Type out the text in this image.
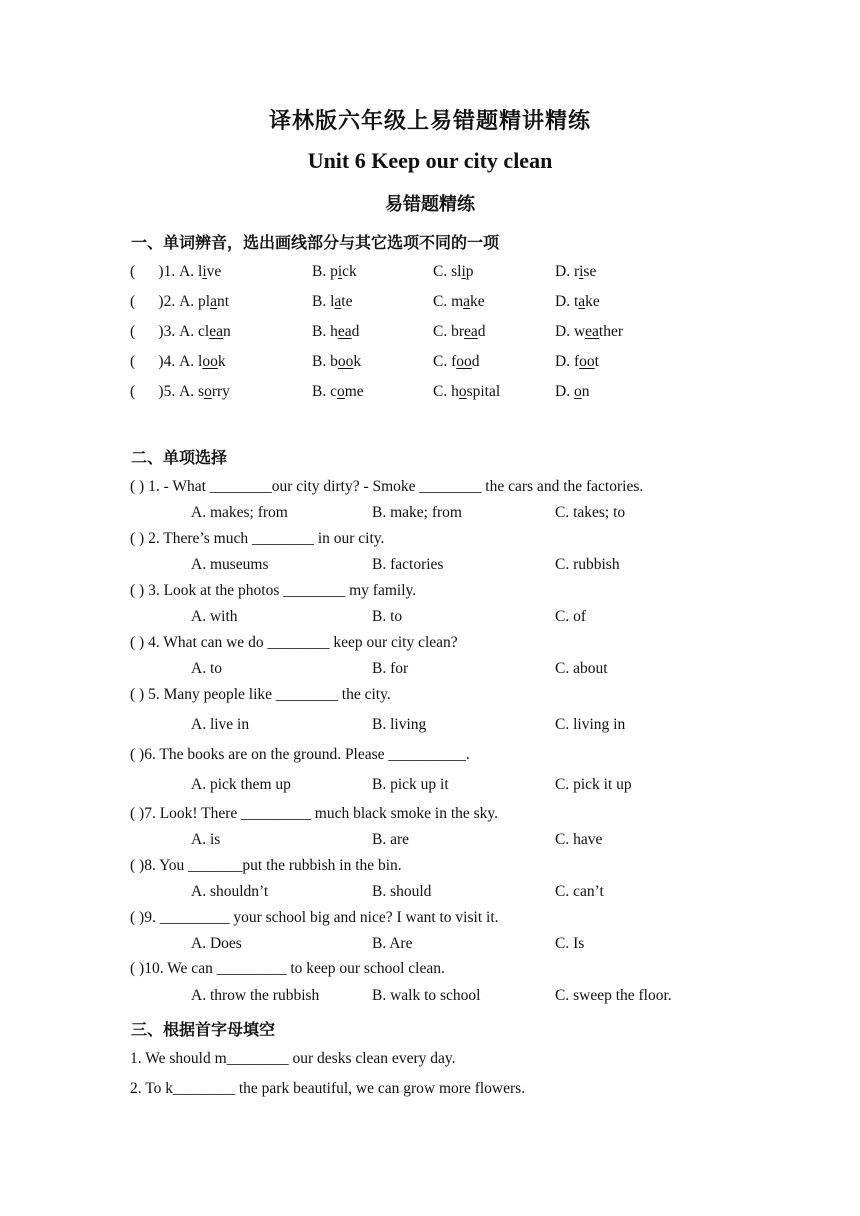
译林版六年级上易错题精讲精练
Unit 6 Keep our city clean
易错题精练
一、单词辨音，选出画线部分与其它选项不同的一项
(      )1. A. live	B. pick	C. slip	D. rise
(      )2. A. plant	B. late	C. make	D. take
(      )3. A. clean	B. head	C. bread	D. weather
(      )4. A. look	B. book	C. food	D. foot
(      )5. A. sorry	B. come	C. hospital	D. on
二、单项选择
( ) 1. - What ________our city dirty? - Smoke ________ the cars and the factories.
A. makes; from	B. make; from	C. takes; to
( ) 2. There’s much ________ in our city.
A. museums	B. factories	C. rubbish
( ) 3. Look at the photos ________ my family.
A. with	B. to	C. of
( ) 4. What can we do ________ keep our city clean?
A. to	B. for	C. about
( ) 5. Many people like ________ the city.
A. live in	B. living	C. living in
( )6. The books are on the ground. Please __________.
A. pick them up	B. pick up it	C. pick it up
( )7. Look! There _________ much black smoke in the sky.
A. is	B. are	C. have
( )8. You _______put the rubbish in the bin.
A. shouldn’t	B. should	C. can’t
( )9. _________ your school big and nice? I want to visit it.
A. Does	B. Are	C. Is
( )10. We can _________ to keep our school clean.
A. throw the rubbish	B. walk to school	C. sweep the floor.
三、根据首字母填空
1. We should m________ our desks clean every day.
2. To k________ the park beautiful, we can grow more flowers.
